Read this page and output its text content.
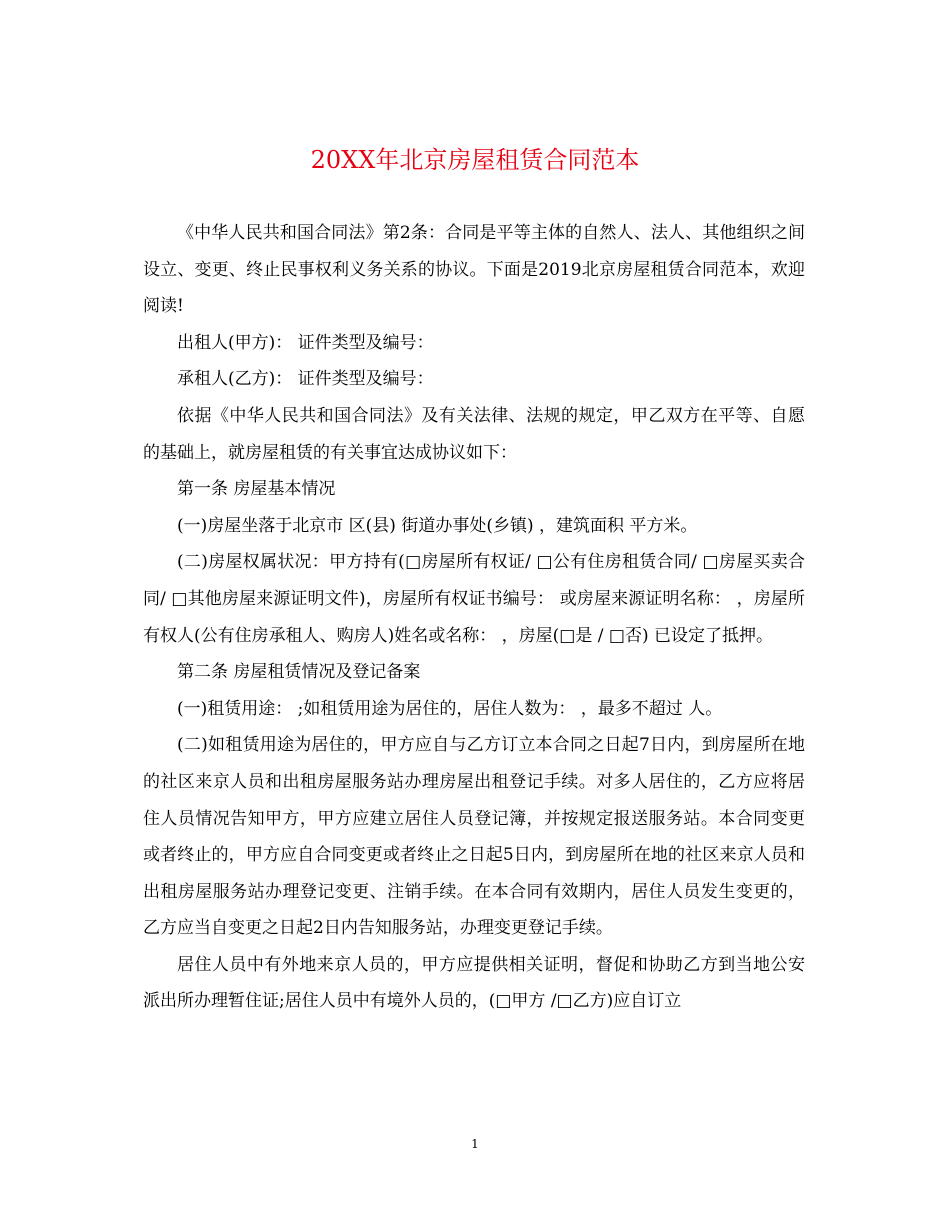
20XX年北京房屋租赁合同范本

《中华人民共和国合同法》第2条：合同是平等主体的自然人、法人、其他组织之间设立、变更、终止民事权利义务关系的协议。下面是2019北京房屋租赁合同范本，欢迎阅读!

出租人(甲方)： 证件类型及编号：

承租人(乙方)： 证件类型及编号：

依据《中华人民共和国合同法》及有关法律、法规的规定，甲乙双方在平等、自愿的基础上，就房屋租赁的有关事宜达成协议如下：

第一条 房屋基本情况

(一)房屋坐落于北京市 区(县) 街道办事处(乡镇) ，建筑面积 平方米。

(二)房屋权属状况：甲方持有(□房屋所有权证/ □公有住房租赁合同/ □房屋买卖合同/ □其他房屋来源证明文件)，房屋所有权证书编号： 或房屋来源证明名称： ，房屋所有权人(公有住房承租人、购房人)姓名或名称： ，房屋(□是 / □否) 已设定了抵押。

第二条 房屋租赁情况及登记备案

(一)租赁用途： ;如租赁用途为居住的，居住人数为： ，最多不超过 人。

(二)如租赁用途为居住的，甲方应自与乙方订立本合同之日起7日内，到房屋所在地的社区来京人员和出租房屋服务站办理房屋出租登记手续。对多人居住的，乙方应将居住人员情况告知甲方，甲方应建立居住人员登记簿，并按规定报送服务站。本合同变更或者终止的，甲方应自合同变更或者终止之日起5日内，到房屋所在地的社区来京人员和出租房屋服务站办理登记变更、注销手续。在本合同有效期内，居住人员发生变更的，乙方应当自变更之日起2日内告知服务站，办理变更登记手续。

居住人员中有外地来京人员的，甲方应提供相关证明，督促和协助乙方到当地公安派出所办理暂住证;居住人员中有境外人员的，(□甲方 /□乙方)应自订立

1
